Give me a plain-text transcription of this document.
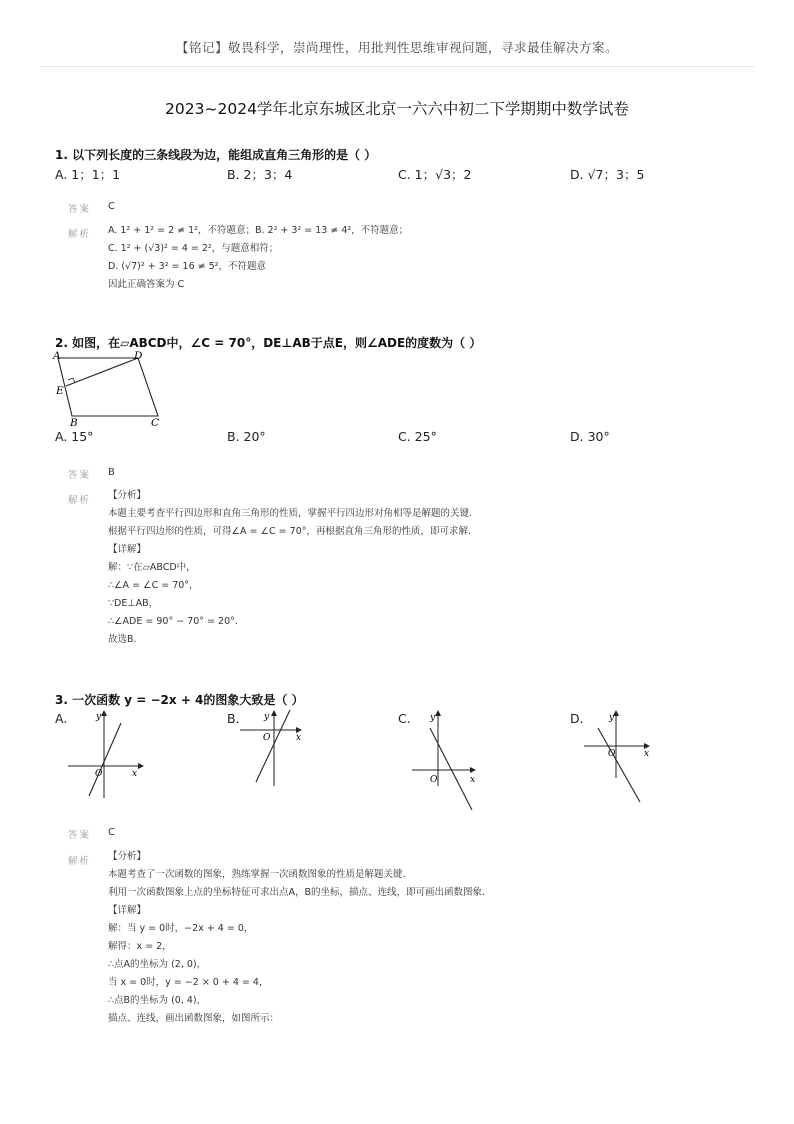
【铭记】敬畏科学，崇尚理性，用批判性思维审视问题，寻求最佳解决方案。
2023~2024学年北京东城区北京一六六中初二下学期期中数学试卷
1. 以下列长度的三条线段为边，能组成直角三角形的是（ ）
A. 1；1；1	B. 2；3；4	C. 1；√3；2	D. √7；3；5
答案 C
解析 A. 1² + 1² = 2 ≠ 1²，不符题意；B. 2² + 3² = 13 ≠ 4²，不符题意；
C. 1² + (√3)² = 4 = 2²，与题意相符；
D. (√7)² + 3² = 16 ≠ 5²，不符题意
因此正确答案为 C
2. 如图，在▱ABCD中，∠C = 70°，DE⊥AB于点E，则∠ADE的度数为（ ）
A	D
E
B	C
A. 15°	B. 20°	C. 25°	D. 30°
答案 B
解析 【分析】
本题主要考查平行四边形和直角三角形的性质，掌握平行四边形对角相等是解题的关键.
根据平行四边形的性质，可得∠A = ∠C = 70°，再根据直角三角形的性质，即可求解.
【详解】
解：∵在▱ABCD中，
∴∠A = ∠C = 70°，
∵DE⊥AB，
∴∠ADE = 90° − 70° = 20°.
故选B.
3. 一次函数 y = −2x + 4的图象大致是（ ）
A.	y
x
O
B.	y
x
O
C. y
x
O
D.	y
x
O
答案 C
解析 【分析】
本题考查了一次函数的图象，熟练掌握一次函数图象的性质是解题关键.
利用一次函数图象上点的坐标特征可求出点A，B的坐标，描点、连线，即可画出函数图象.
【详解】
解：当 y = 0时，−2x + 4 = 0，
解得：x = 2，
∴点A的坐标为 (2, 0)，
当 x = 0时，y = −2 × 0 + 4 = 4，
∴点B的坐标为 (0, 4)，
描点、连线，画出函数图象，如图所示：
